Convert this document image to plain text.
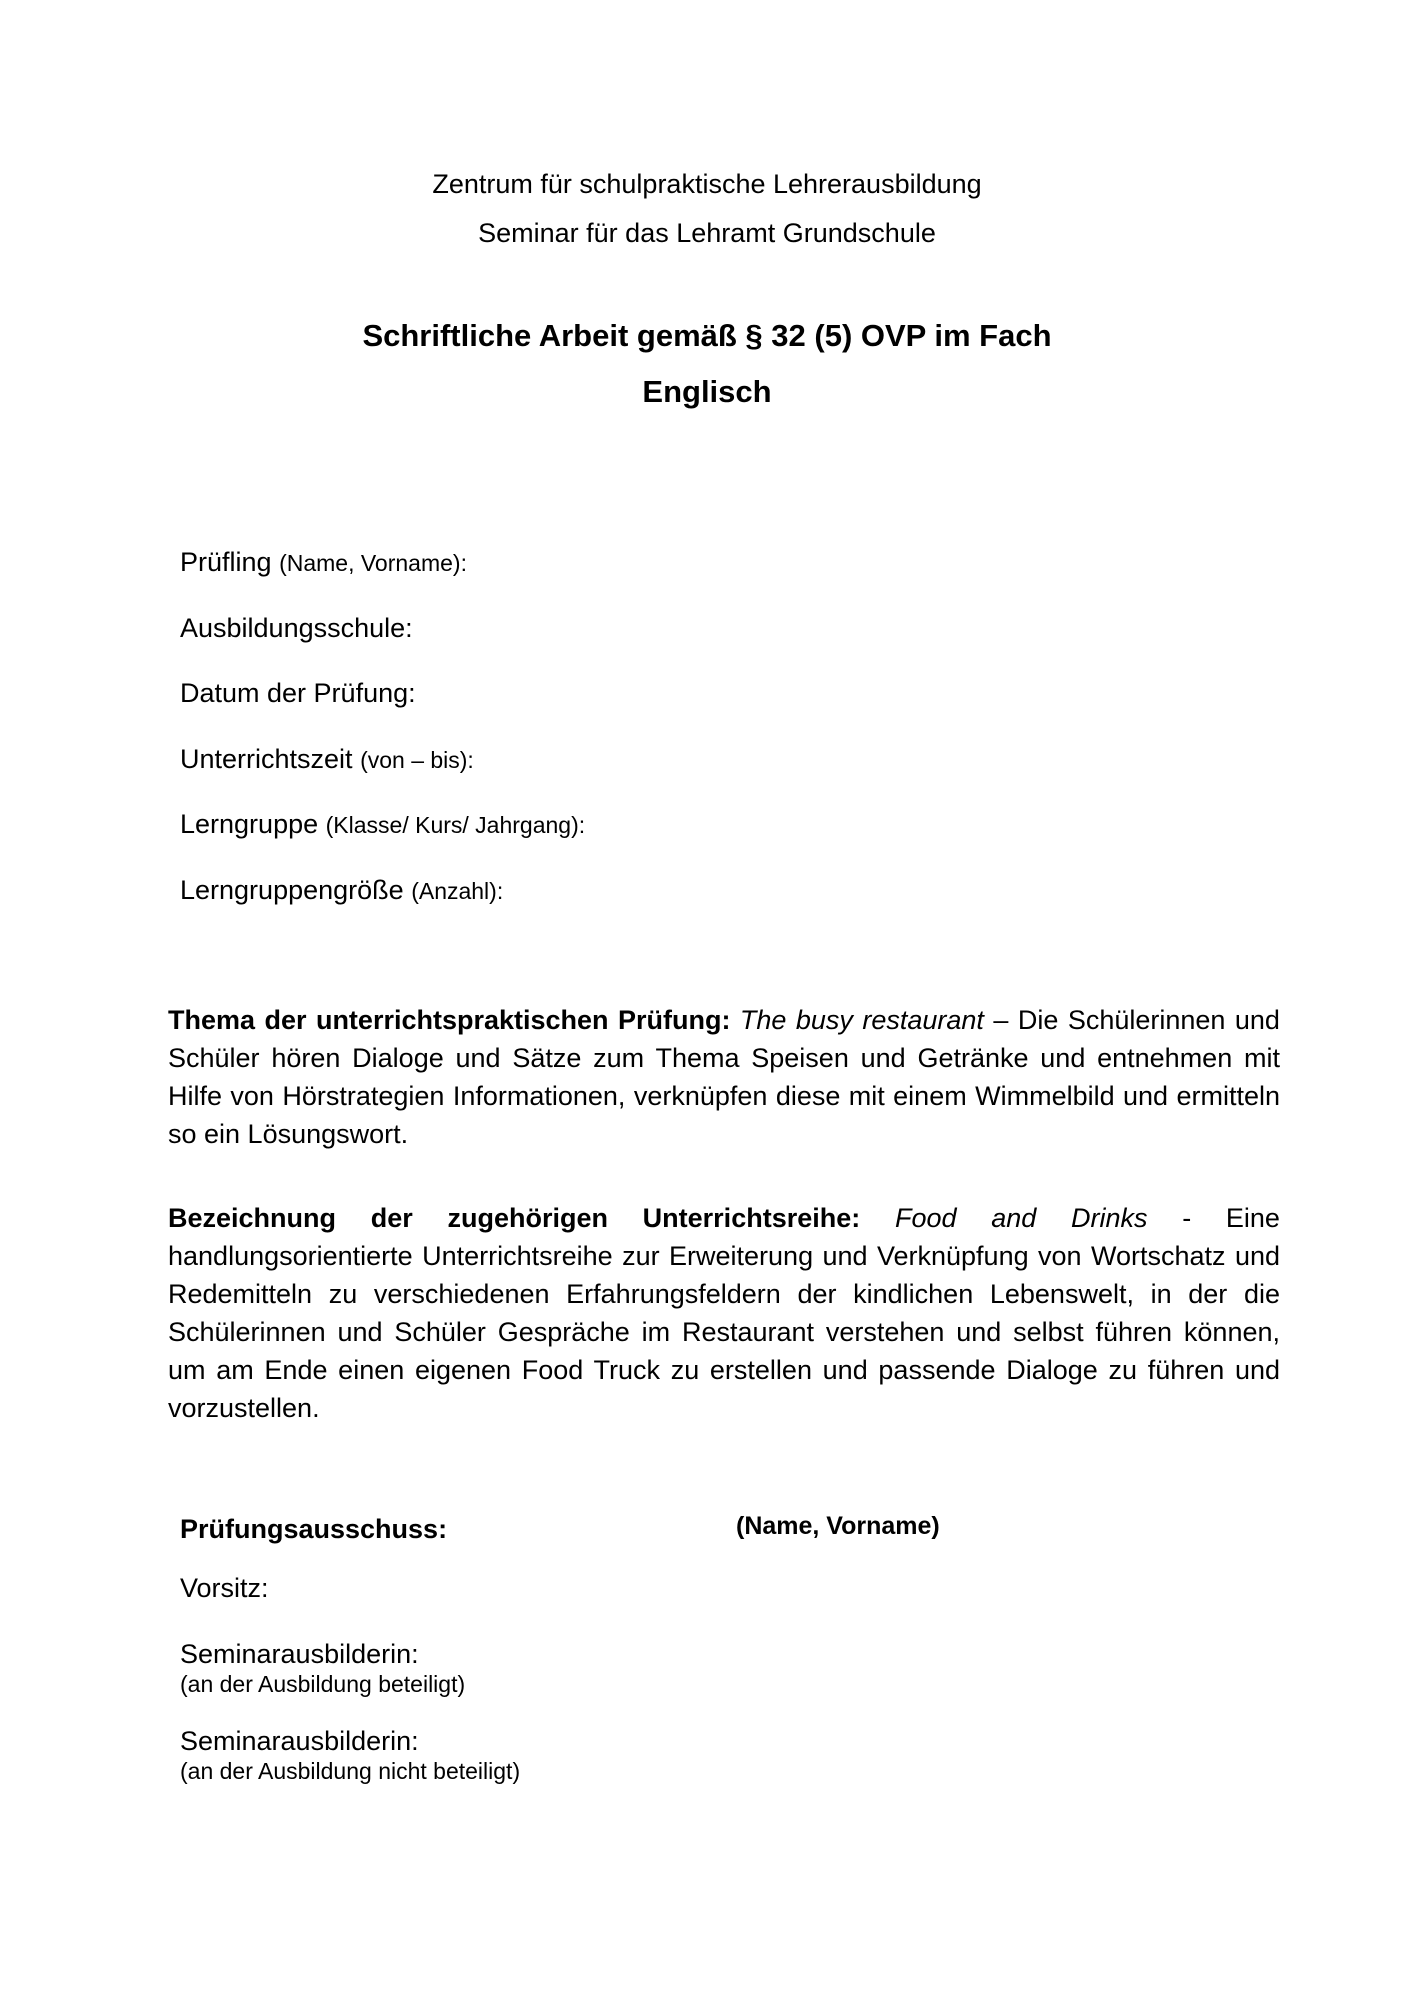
Zentrum für schulpraktische Lehrerausbildung
Seminar für das Lehramt Grundschule
Schriftliche Arbeit gemäß § 32 (5) OVP im Fach
Englisch
Prüfling (Name, Vorname):
Ausbildungsschule:
Datum der Prüfung:
Unterrichtszeit (von – bis):
Lerngruppe (Klasse/ Kurs/ Jahrgang):
Lerngruppengröße (Anzahl):

Thema der unterrichtspraktischen Prüfung: The busy restaurant – Die Schülerinnen und Schüler hören Dialoge und Sätze zum Thema Speisen und Getränke und entnehmen mit Hilfe von Hörstrategien Informationen, verknüpfen diese mit einem Wimmelbild und ermitteln so ein Lösungswort.

Bezeichnung der zugehörigen Unterrichtsreihe: Food and Drinks - Eine handlungsorientierte Unterrichtsreihe zur Erweiterung und Verknüpfung von Wortschatz und Redemitteln zu verschiedenen Erfahrungsfeldern der kindlichen Lebenswelt, in der die Schülerinnen und Schüler Gespräche im Restaurant verstehen und selbst führen können, um am Ende einen eigenen Food Truck zu erstellen und passende Dialoge zu führen und vorzustellen.

Prüfungsausschuss:	(Name, Vorname)
Vorsitz:
Seminarausbilderin:
(an der Ausbildung beteiligt)
Seminarausbilderin:
(an der Ausbildung nicht beteiligt)
